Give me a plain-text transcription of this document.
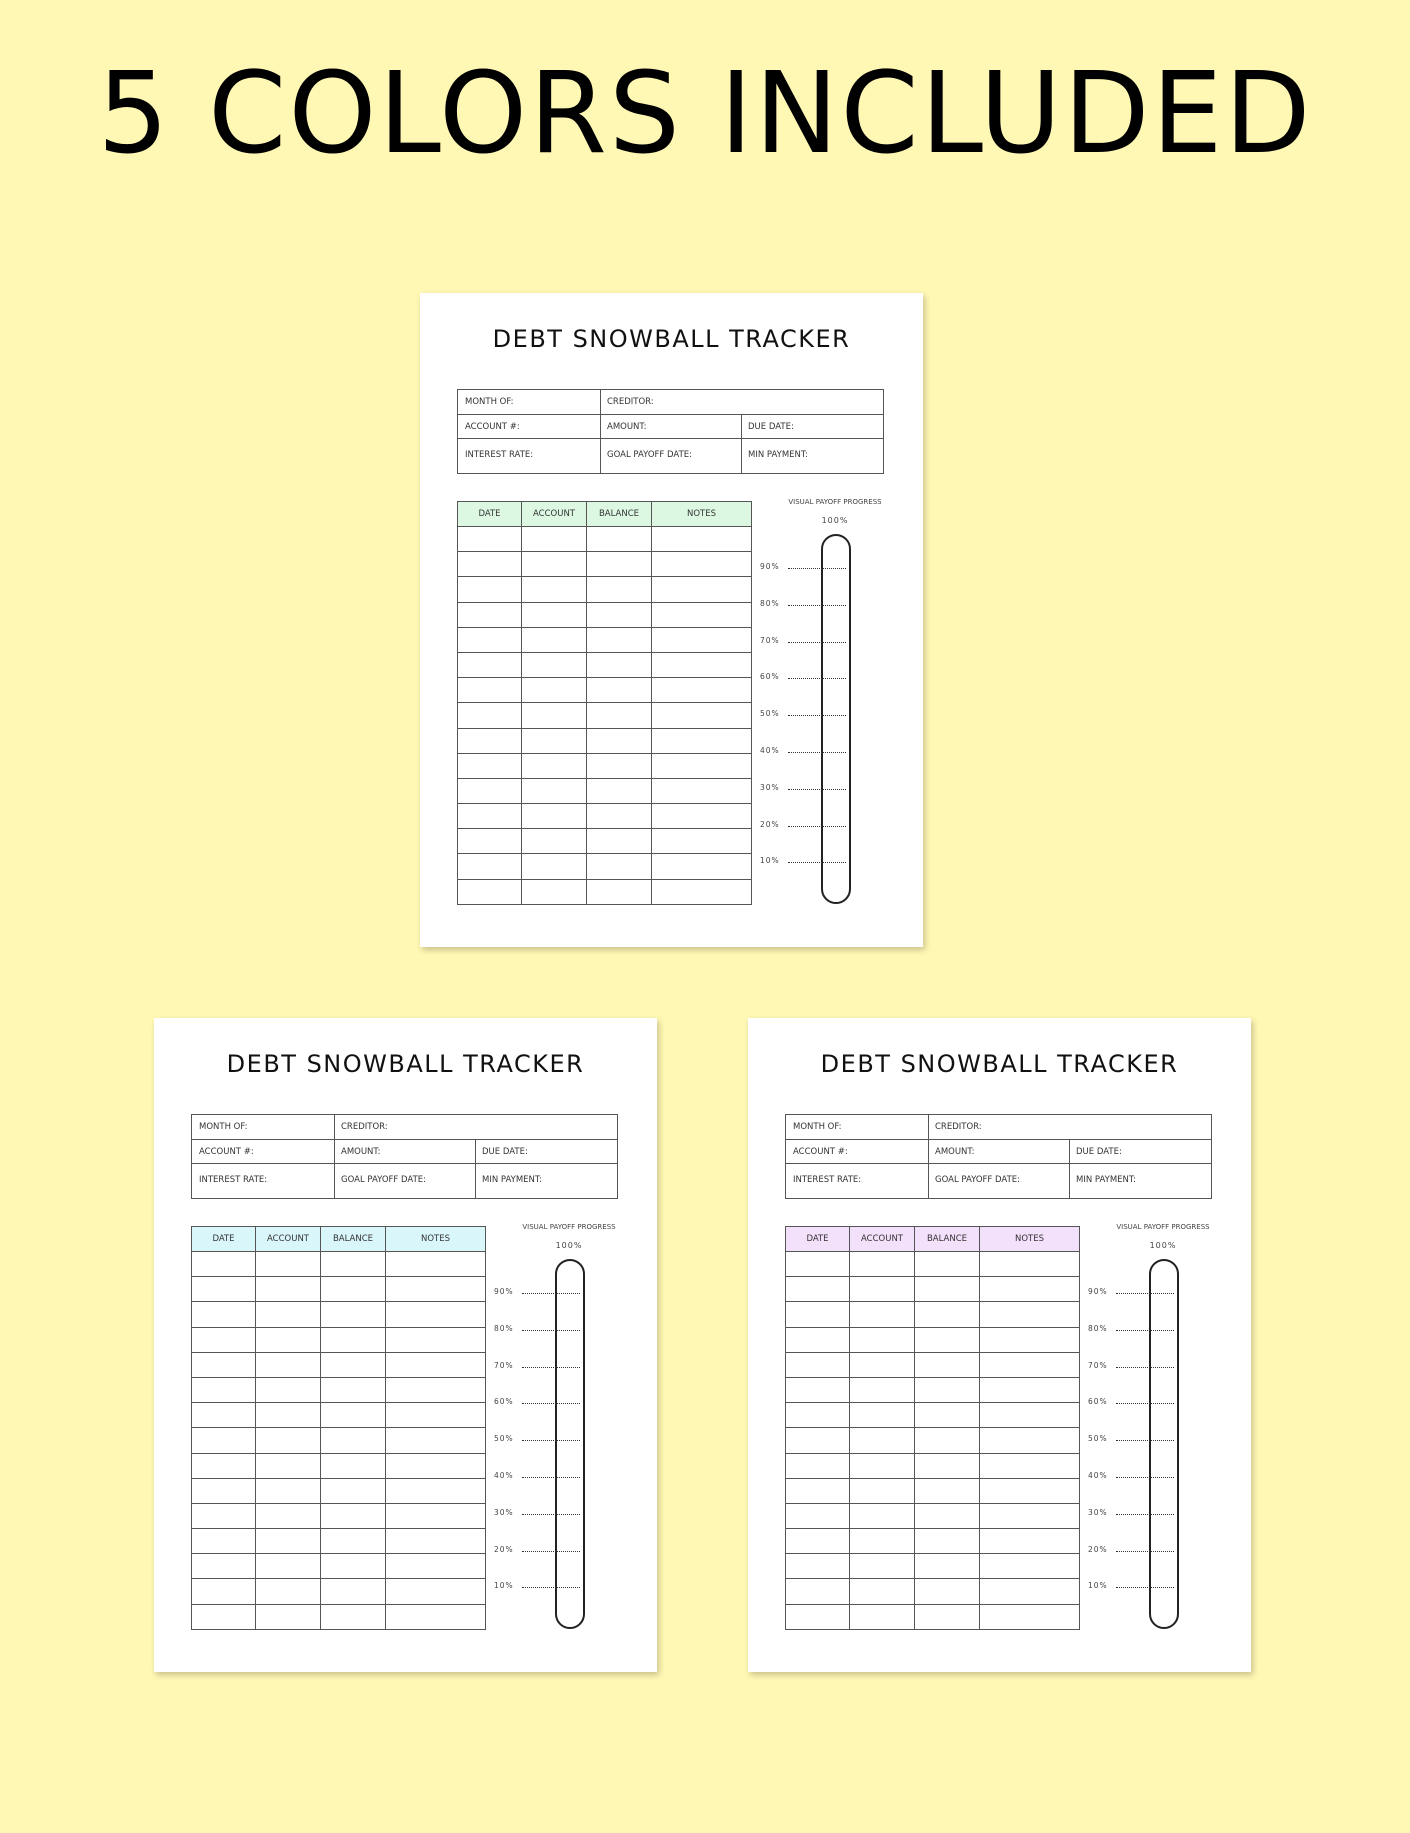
5 COLORS INCLUDED
DEBT SNOWBALL TRACKER
MONTH OF:	CREDITOR:
ACCOUNT #:	AMOUNT:	DUE DATE:
INTEREST RATE:	GOAL PAYOFF DATE:	MIN PAYMENT:
DATE	ACCOUNT	BALANCE	NOTES

VISUAL PAYOFF PROGRESS
100%
90%
80%
70%
60%
50%
40%
30%
20%
10%
DEBT SNOWBALL TRACKER
MONTH OF:	CREDITOR:
ACCOUNT #:	AMOUNT:	DUE DATE:
INTEREST RATE:	GOAL PAYOFF DATE:	MIN PAYMENT:
DATE	ACCOUNT	BALANCE	NOTES

VISUAL PAYOFF PROGRESS
100%
90%
80%
70%
60%
50%
40%
30%
20%
10%
DEBT SNOWBALL TRACKER
MONTH OF:	CREDITOR:
ACCOUNT #:	AMOUNT:	DUE DATE:
INTEREST RATE:	GOAL PAYOFF DATE:	MIN PAYMENT:
DATE	ACCOUNT	BALANCE	NOTES

VISUAL PAYOFF PROGRESS
100%
90%
80%
70%
60%
50%
40%
30%
20%
10%
